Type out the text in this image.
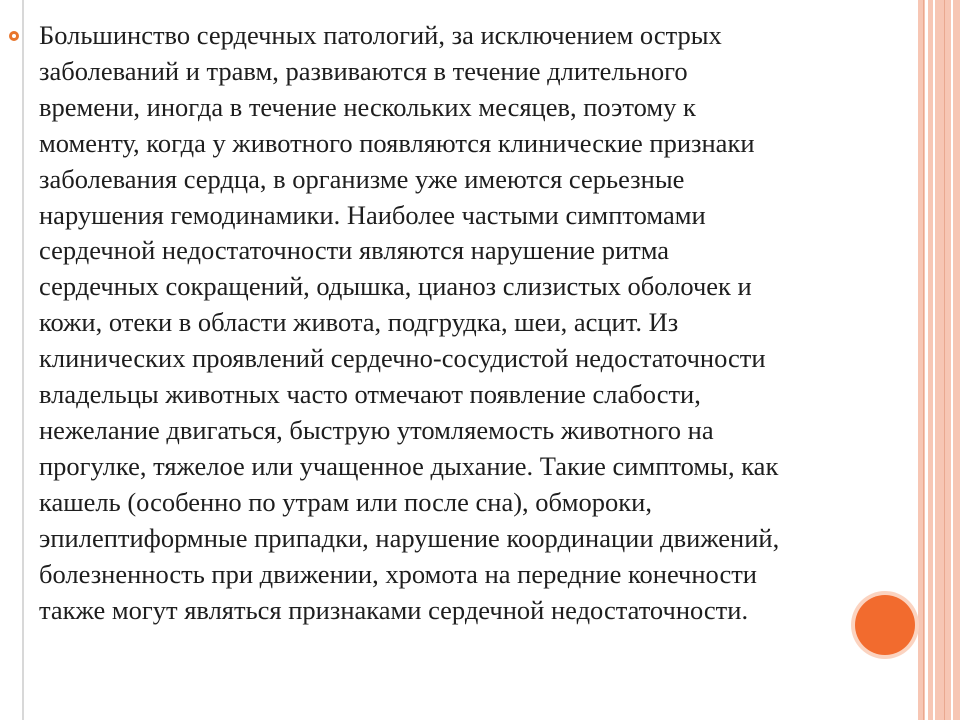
Большинство сердечных патологий, за исключением острых
заболеваний и травм, развиваются в течение длительного
времени, иногда в течение нескольких месяцев, поэтому к
моменту, когда у животного появляются клинические признаки
заболевания сердца, в организме уже имеются серьезные
нарушения гемодинамики. Наиболее частыми симптомами
сердечной недостаточности являются нарушение ритма
сердечных сокращений, одышка, цианоз слизистых оболочек и
кожи, отеки в области живота, подгрудка, шеи, асцит. Из
клинических проявлений сердечно-сосудистой недостаточности
владельцы животных часто отмечают появление слабости,
нежелание двигаться, быструю утомляемость животного на
прогулке, тяжелое или учащенное дыхание. Такие симптомы, как
кашель (особенно по утрам или после сна), обмороки,
эпилептиформные припадки, нарушение координации движений,
болезненность при движении, хромота на передние конечности
также могут являться признаками сердечной недостаточности.
